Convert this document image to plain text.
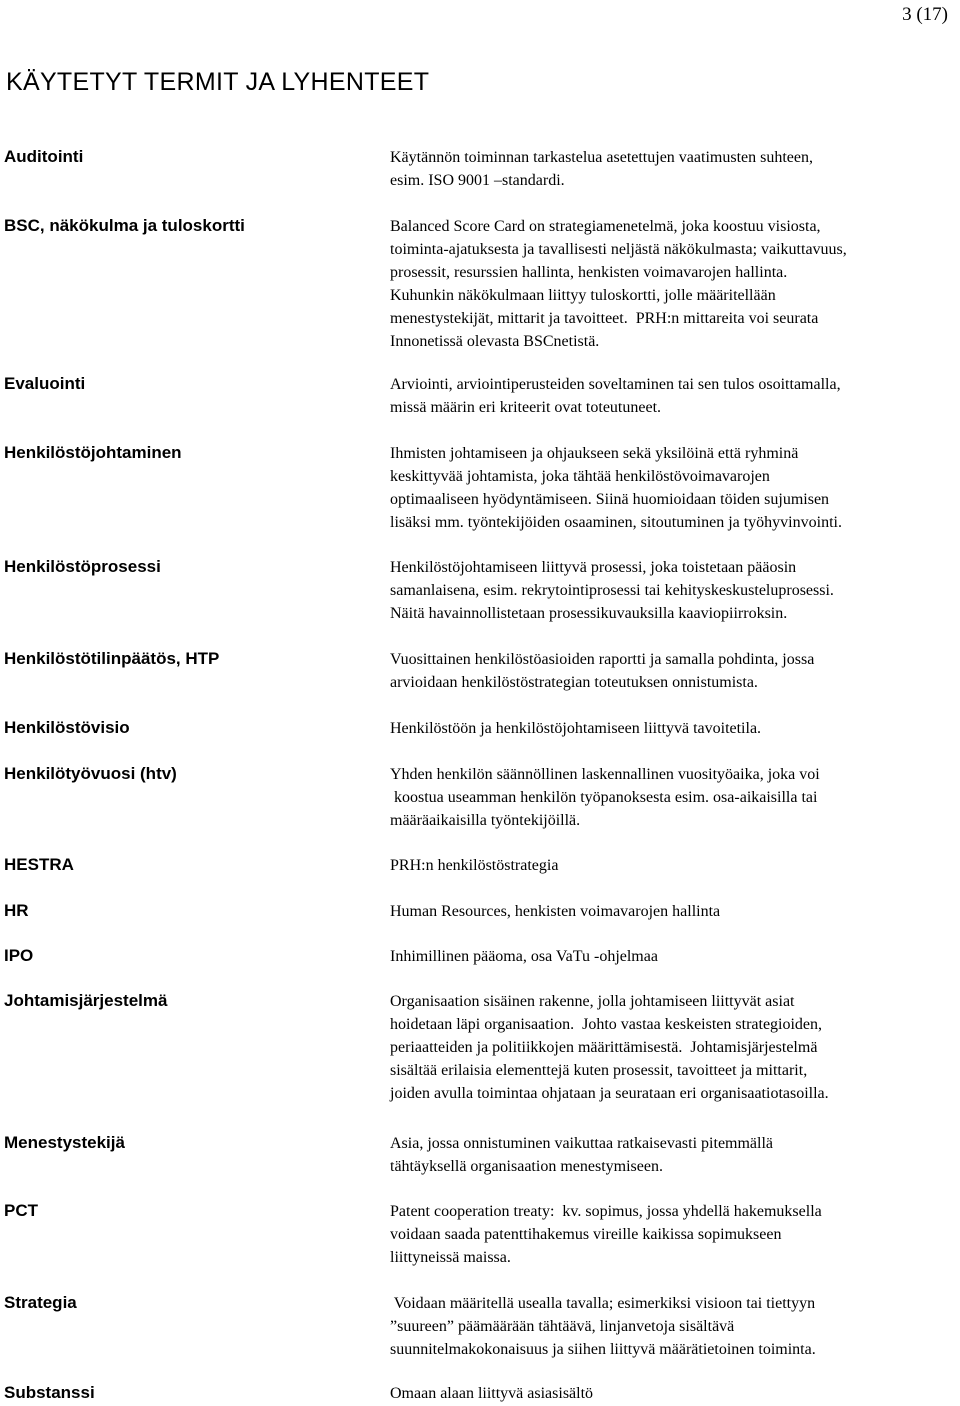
3 (17)
KÄYTETYT TERMIT JA LYHENTEET
Auditointi	Käytännön toiminnan tarkastelua asetettujen vaatimusten suhteen,
esim. ISO 9001 –standardi.
BSC, näkökulma ja tuloskortti	Balanced Score Card on strategiamenetelmä, joka koostuu visiosta,
toiminta-ajatuksesta ja tavallisesti neljästä näkökulmasta; vaikuttavuus,
prosessit, resurssien hallinta, henkisten voimavarojen hallinta.
Kuhunkin näkökulmaan liittyy tuloskortti, jolle määritellään
menestystekijät, mittarit ja tavoitteet.  PRH:n mittareita voi seurata
Innonetissä olevasta BSCnetistä.
Evaluointi	Arviointi, arviointiperusteiden soveltaminen tai sen tulos osoittamalla,
missä määrin eri kriteerit ovat toteutuneet.
Henkilöstöjohtaminen	Ihmisten johtamiseen ja ohjaukseen sekä yksilöinä että ryhminä
keskittyvää johtamista, joka tähtää henkilöstövoimavarojen
optimaaliseen hyödyntämiseen. Siinä huomioidaan töiden sujumisen
lisäksi mm. työntekijöiden osaaminen, sitoutuminen ja työhyvinvointi.
Henkilöstöprosessi	Henkilöstöjohtamiseen liittyvä prosessi, joka toistetaan pääosin
samanlaisena, esim. rekrytointiprosessi tai kehityskeskusteluprosessi.
Näitä havainnollistetaan prosessikuvauksilla kaaviopiirroksin.
Henkilöstötilinpäätös, HTP	Vuosittainen henkilöstöasioiden raportti ja samalla pohdinta, jossa
arvioidaan henkilöstöstrategian toteutuksen onnistumista.
Henkilöstövisio	Henkilöstöön ja henkilöstöjohtamiseen liittyvä tavoitetila.
Henkilötyövuosi (htv)	Yhden henkilön säännöllinen laskennallinen vuosityöaika, joka voi
koostua useamman henkilön työpanoksesta esim. osa-aikaisilla tai
määräaikaisilla työntekijöillä.
HESTRA	PRH:n henkilöstöstrategia
HR	Human Resources, henkisten voimavarojen hallinta
IPO	Inhimillinen pääoma, osa VaTu -ohjelmaa
Johtamisjärjestelmä	Organisaation sisäinen rakenne, jolla johtamiseen liittyvät asiat
hoidetaan läpi organisaation.  Johto vastaa keskeisten strategioiden,
periaatteiden ja politiikkojen määrittämisestä.  Johtamisjärjestelmä
sisältää erilaisia elementtejä kuten prosessit, tavoitteet ja mittarit,
joiden avulla toimintaa ohjataan ja seurataan eri organisaatiotasoilla.
Menestystekijä	Asia, jossa onnistuminen vaikuttaa ratkaisevasti pitemmällä
tähtäyksellä organisaation menestymiseen.
PCT	Patent cooperation treaty:  kv. sopimus, jossa yhdellä hakemuksella
voidaan saada patenttihakemus vireille kaikissa sopimukseen
liittyneissä maissa.
Strategia	Voidaan määritellä usealla tavalla; esimerkiksi visioon tai tiettyyn
”suureen” päämäärään tähtäävä, linjanvetoja sisältävä
suunnitelmakokonaisuus ja siihen liittyvä määrätietoinen toiminta.
Substanssi	Omaan alaan liittyvä asiasisältö
